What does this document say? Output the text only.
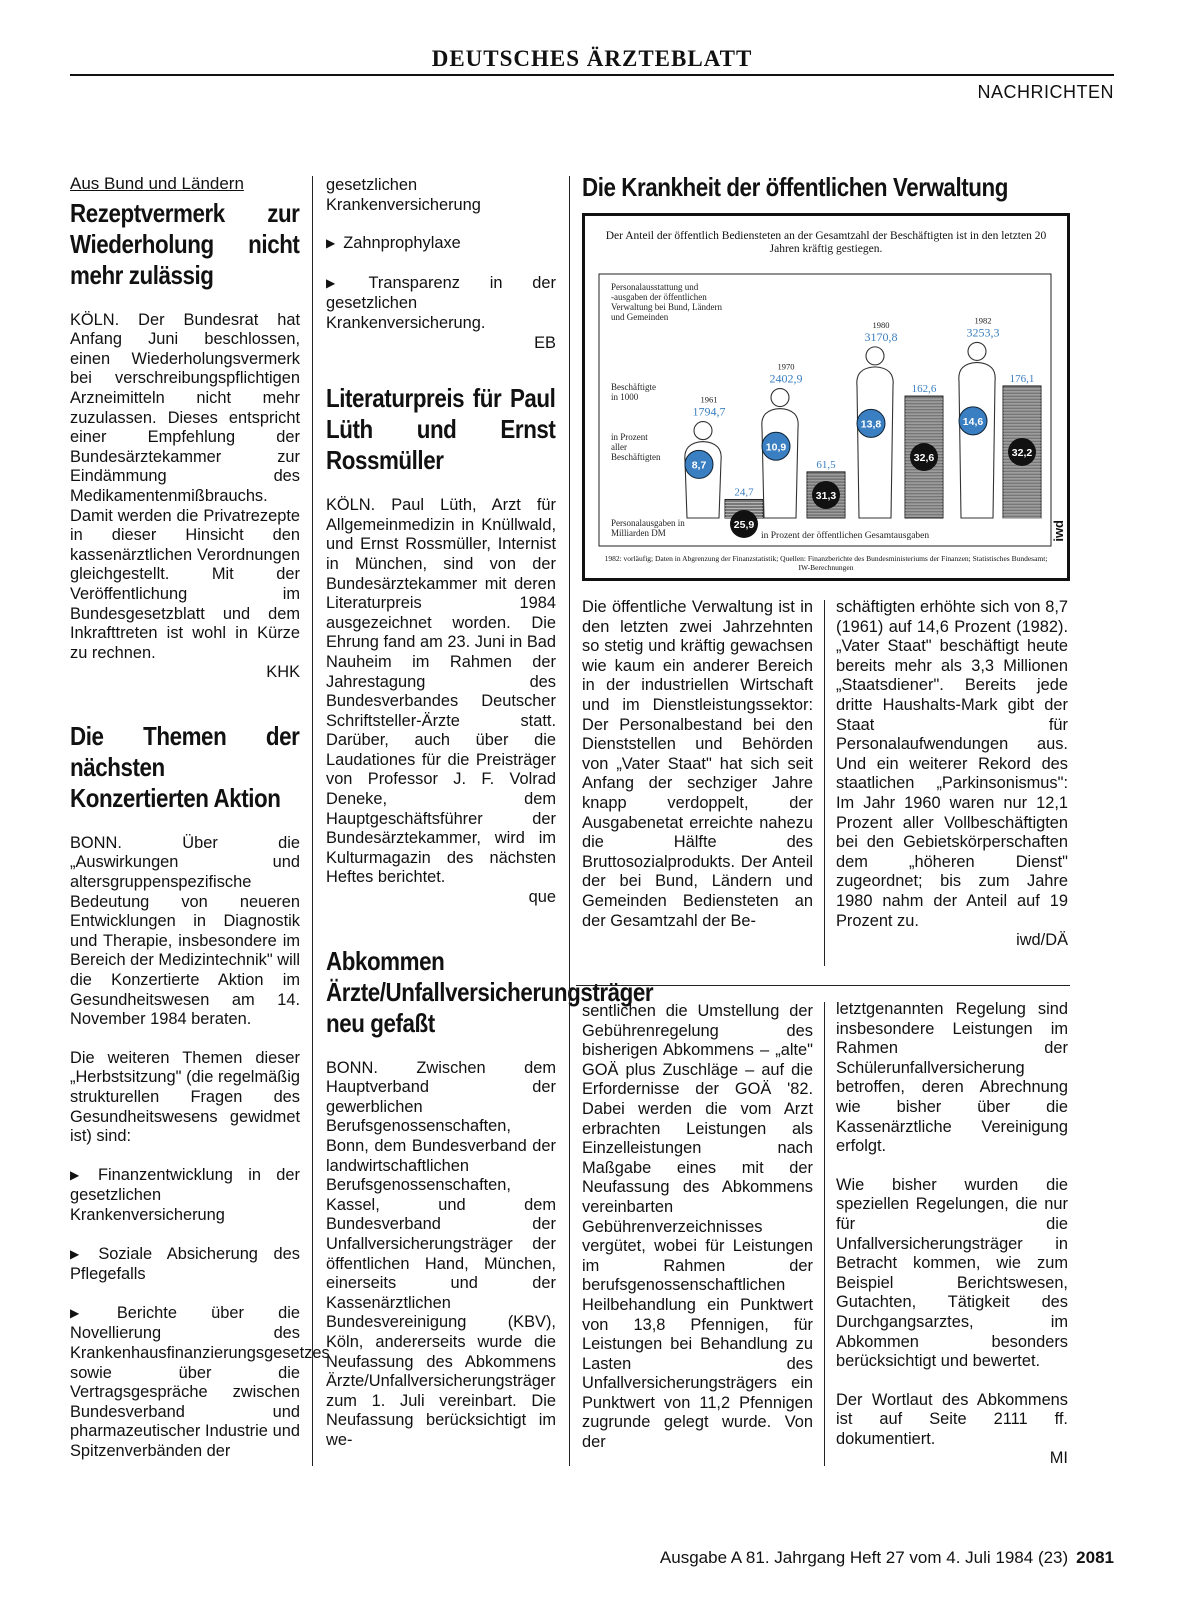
DEUTSCHES ÄRZTEBLATT
NACHRICHTEN
Aus Bund und Ländern
Rezeptvermerk zur Wiederholung nicht mehr zulässig

KÖLN. Der Bundesrat hat Anfang Juni beschlossen, einen Wiederholungsvermerk bei verschreibungspflichtigen Arzneimitteln nicht mehr zuzulassen. Dieses entspricht einer Empfehlung der Bundesärztekammer zur Eindämmung des Medikamentenmißbrauchs. Damit werden die Privatrezepte in dieser Hinsicht den kassenärztlichen Verordnungen gleichgestellt. Mit der Veröffentlichung im Bundesgesetzblatt und dem Inkrafttreten ist wohl in Kürze zu rechnen.

KHK
Die Themen der nächsten Konzertierten Aktion

BONN. Über die „Auswirkungen und altersgruppenspezifische Bedeutung von neueren Entwicklungen in Diagnostik und Therapie, insbesondere im Bereich der Medizintechnik" will die Konzertierte Aktion im Gesundheitswesen am 14. November 1984 beraten.

Die weiteren Themen dieser „Herbstsitzung" (die regelmäßig strukturellen Fragen des Gesundheitswesens gewidmet ist) sind:

▶ Finanzentwicklung in der gesetzlichen Krankenversicherung

▶ Soziale Absicherung des Pflegefalls

▶ Berichte über die Novellierung des Krankenhausfinanzierungsgesetzes sowie über die Vertragsgespräche zwischen Bundesverband und pharmazeutischer Industrie und Spitzenverbänden der

gesetzlichen Krankenversicherung

▶ Zahnprophylaxe

▶ Transparenz in der gesetzlichen Krankenversicherung.

EB
Literaturpreis für Paul Lüth und Ernst Rossmüller

KÖLN. Paul Lüth, Arzt für Allgemeinmedizin in Knüllwald, und Ernst Rossmüller, Internist in München, sind von der Bundesärztekammer mit deren Literaturpreis 1984 ausgezeichnet worden. Die Ehrung fand am 23. Juni in Bad Nauheim im Rahmen der Jahrestagung des Bundesverbandes Deutscher Schriftsteller-Ärzte statt. Darüber, auch über die Laudationes für die Preisträger von Professor J. F. Volrad Deneke, dem Hauptgeschäftsführer der Bundesärztekammer, wird im Kulturmagazin des nächsten Heftes berichtet.

que
Abkommen Ärzte/Unfallversicherungsträger neu gefaßt

BONN. Zwischen dem Hauptverband der gewerblichen Berufsgenossenschaften, Bonn, dem Bundesverband der landwirtschaftlichen Berufsgenossenschaften, Kassel, und dem Bundesverband der Unfallversicherungsträger der öffentlichen Hand, München, einerseits und der Kassenärztlichen Bundesvereinigung (KBV), Köln, andererseits wurde die Neufassung des Abkommens Ärzte/Unfallversicherungsträger zum 1. Juli vereinbart. Die Neufassung berücksichtigt im we-

Die Krankheit der öffentlichen Verwaltung
Der Anteil der öffentlich Bediensteten an der Gesamtzahl der Beschäftigten ist in den letzten 20 Jahren kräftig gestiegen.
Personalausstattung und -ausgaben der öffentlichen Verwaltung bei Bund, Ländern und Gemeinden
Beschäftigte in 1000
in Prozent aller Beschäftigten
Personalausgaben in Milliarden DM
1961
1794,7
8,7
24,7
25,9
1970
2402,9
10,9
61,5
31,3
1980
3170,8
13,8
162,6
32,6
1982
3253,3
14,6
176,1
32,2
in Prozent der öffentlichen Gesamtausgaben	iwd
1982: vorläufig; Daten in Abgrenzung der Finanzstatistik; Quellen: Finanzberichte des Bundesministeriums der Finanzen; Statistisches Bundesamt; IW-Berechnungen

Die öffentliche Verwaltung ist in den letzten zwei Jahrzehnten so stetig und kräftig gewachsen wie kaum ein anderer Bereich in der industriellen Wirtschaft und im Dienstleistungssektor: Der Personalbestand bei den Dienststellen und Behörden von „Vater Staat" hat sich seit Anfang der sechziger Jahre knapp verdoppelt, der Ausgabenetat erreichte nahezu die Hälfte des Bruttosozialprodukts. Der Anteil der bei Bund, Ländern und Gemeinden Bediensteten an der Gesamtzahl der Be-

schäftigten erhöhte sich von 8,7 (1961) auf 14,6 Prozent (1982). „Vater Staat" beschäftigt heute bereits mehr als 3,3 Millionen „Staatsdiener". Bereits jede dritte Haushalts-Mark gibt der Staat für Personalaufwendungen aus. Und ein weiterer Rekord des staatlichen „Parkinsonismus": Im Jahr 1960 waren nur 12,1 Prozent aller Vollbeschäftigten bei den Gebietskörperschaften dem „höheren Dienst" zugeordnet; bis zum Jahre 1980 nahm der Anteil auf 19 Prozent zu.

iwd/DÄ

sentlichen die Umstellung der Gebührenregelung des bisherigen Abkommens – „alte" GOÄ plus Zuschläge – auf die Erfordernisse der GOÄ '82. Dabei werden die vom Arzt erbrachten Leistungen als Einzelleistungen nach Maßgabe eines mit der Neufassung des Abkommens vereinbarten Gebührenverzeichnisses vergütet, wobei für Leistungen im Rahmen der berufsgenossenschaftlichen Heilbehandlung ein Punktwert von 13,8 Pfennigen, für Leistungen bei Behandlung zu Lasten des Unfallversicherungsträgers ein Punktwert von 11,2 Pfennigen zugrunde gelegt wurde. Von der

letztgenannten Regelung sind insbesondere Leistungen im Rahmen der Schülerunfallversicherung betroffen, deren Abrechnung wie bisher über die Kassenärztliche Vereinigung erfolgt.

Wie bisher wurden die speziellen Regelungen, die nur für die Unfallversicherungsträger in Betracht kommen, wie zum Beispiel Berichtswesen, Gutachten, Tätigkeit des Durchgangsarztes, im Abkommen besonders berücksichtigt und bewertet.

Der Wortlaut des Abkommens ist auf Seite 2111 ff. dokumentiert.

MI
Ausgabe A 81. Jahrgang Heft 27 vom 4. Juli 1984 (23) 2081
